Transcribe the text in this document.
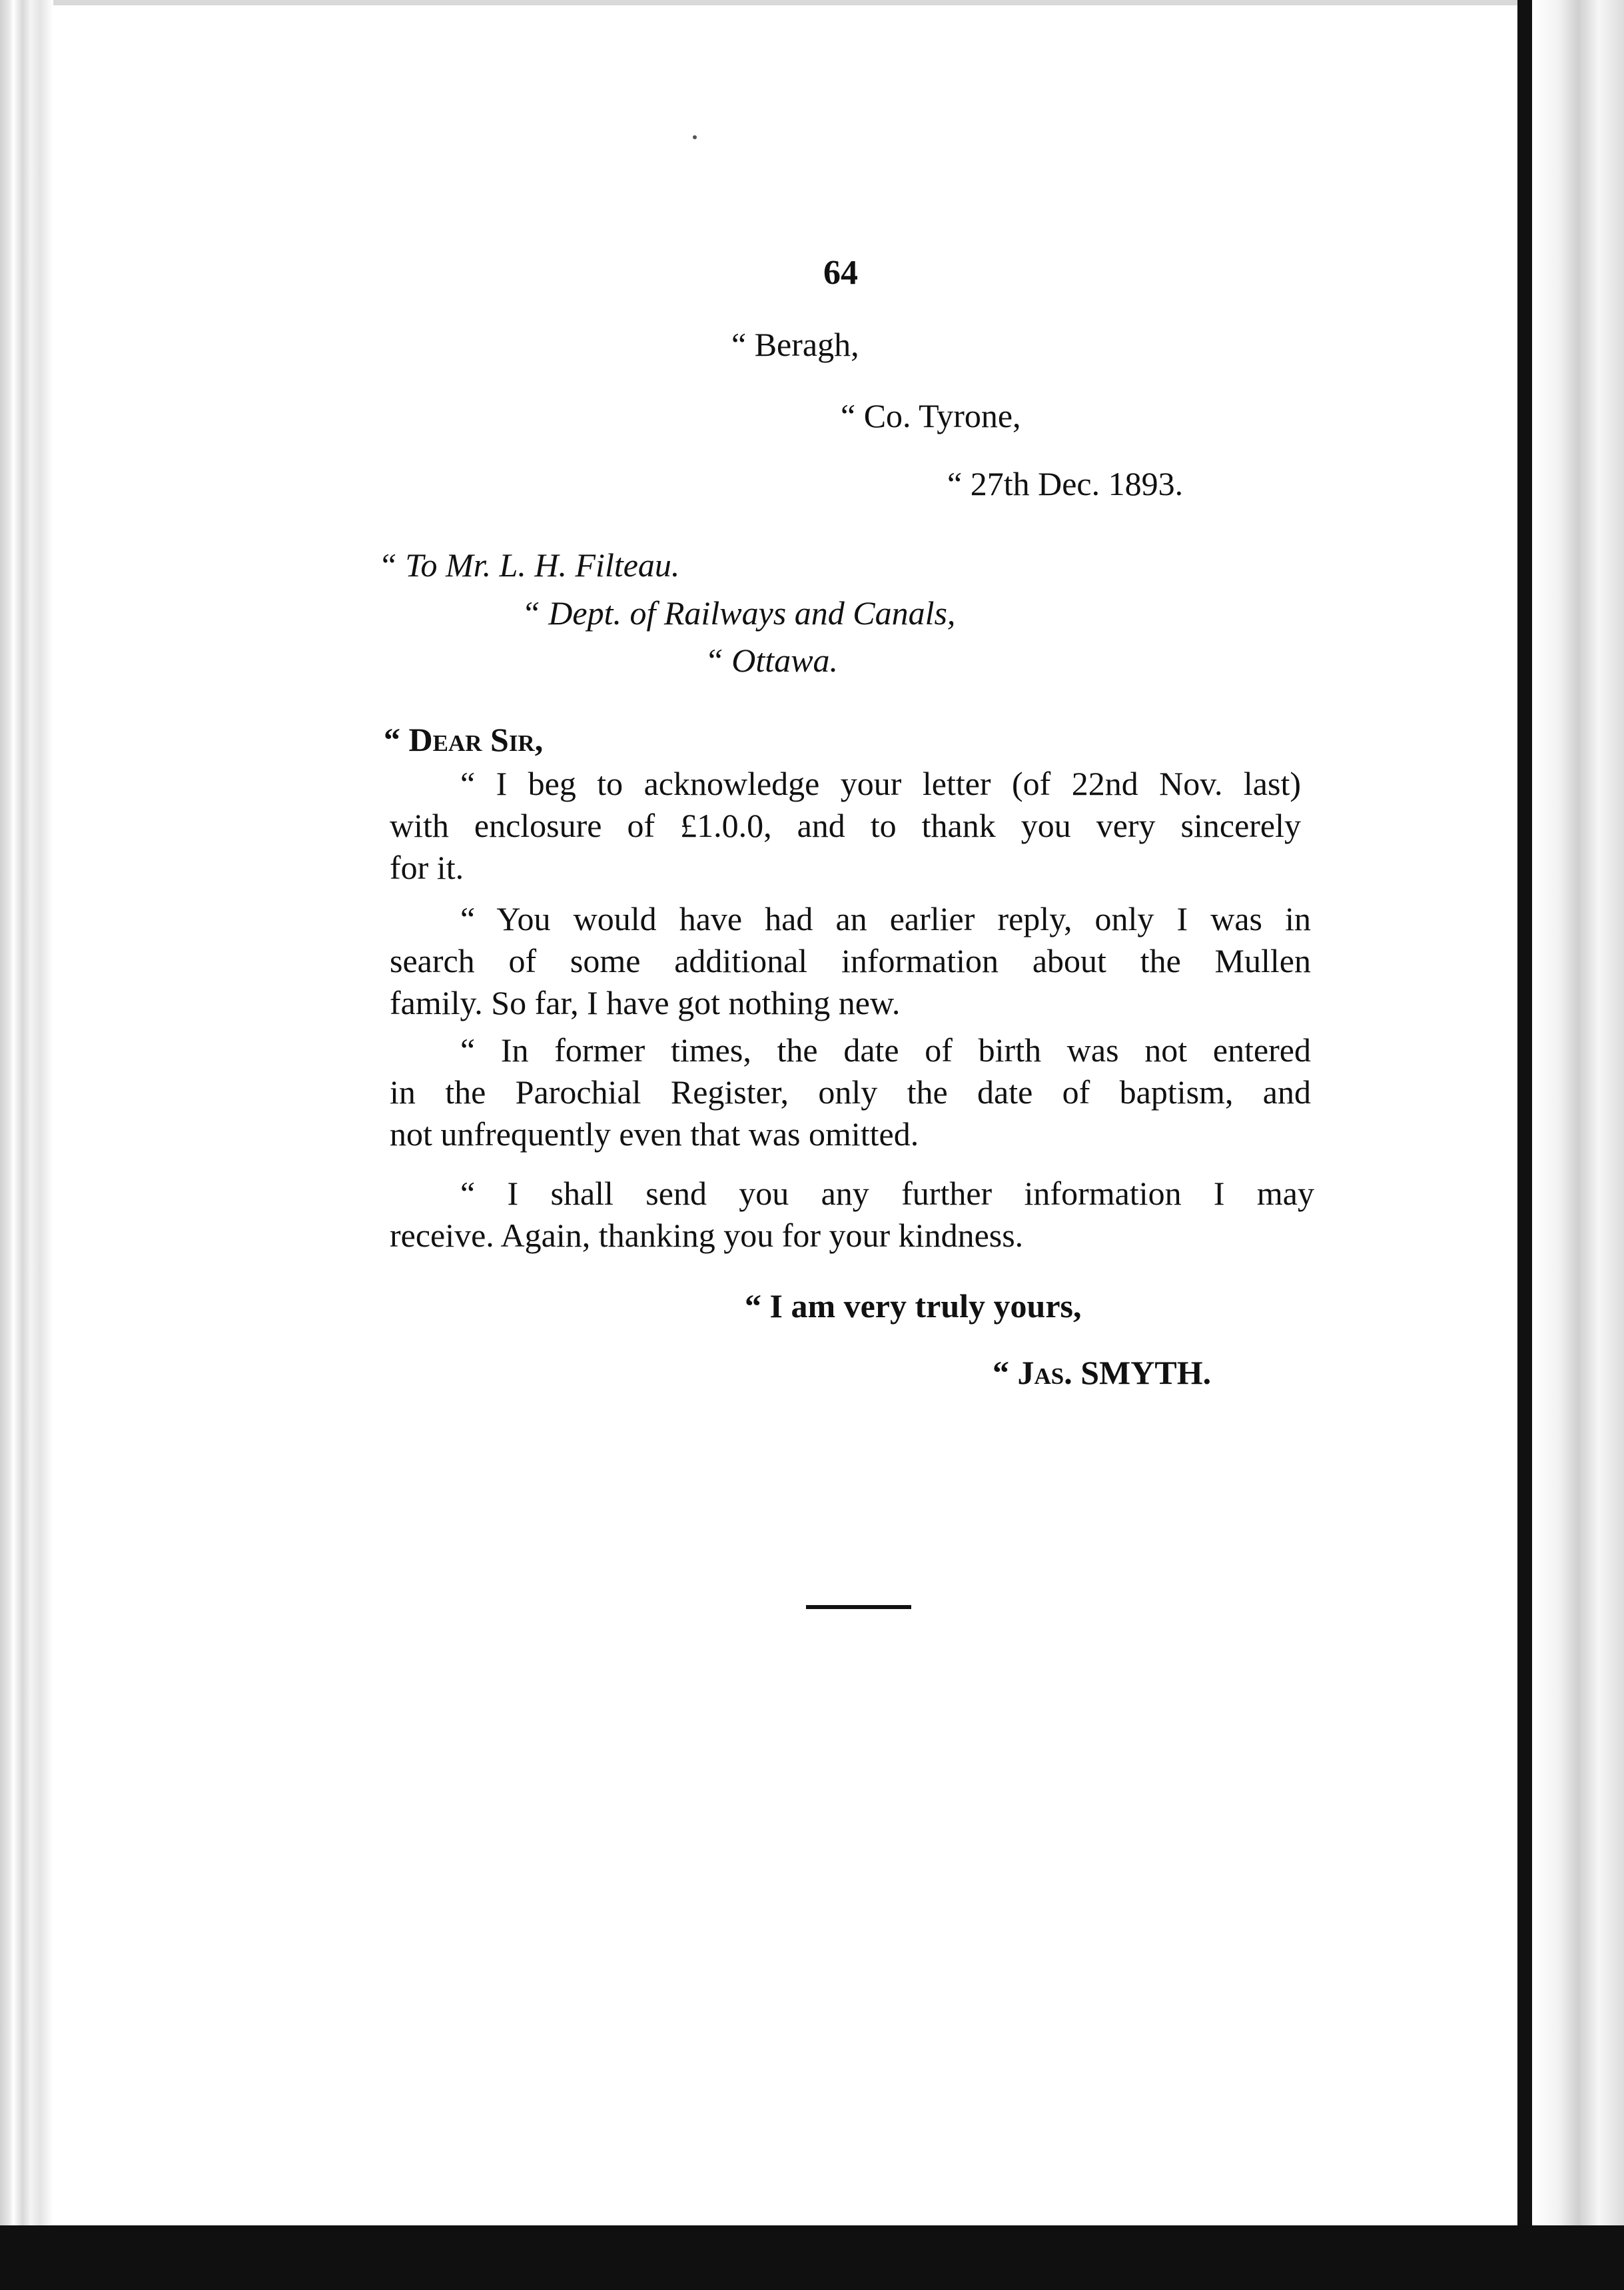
64
“ Beragh,
“ Co. Tyrone,
“ 27th Dec. 1893.
“ To Mr. L. H. Filteau.
“ Dept. of Railways and Canals,
“ Ottawa.
“ Dear Sir,
“ I beg to acknowledge your letter (of 22nd Nov. last)
with enclosure of £1.0.0, and to thank you very sincerely
for it.
“ You would have had an earlier reply, only I was in
search of some additional information about the Mullen
family. So far, I have got nothing new.
“ In former times, the date of birth was not entered
in the Parochial Register, only the date of baptism, and
not unfrequently even that was omitted.
“ I shall send you any further information I may
receive. Again, thanking you for your kindness.
“ I am very truly yours,
“ Jas. SMYTH.
